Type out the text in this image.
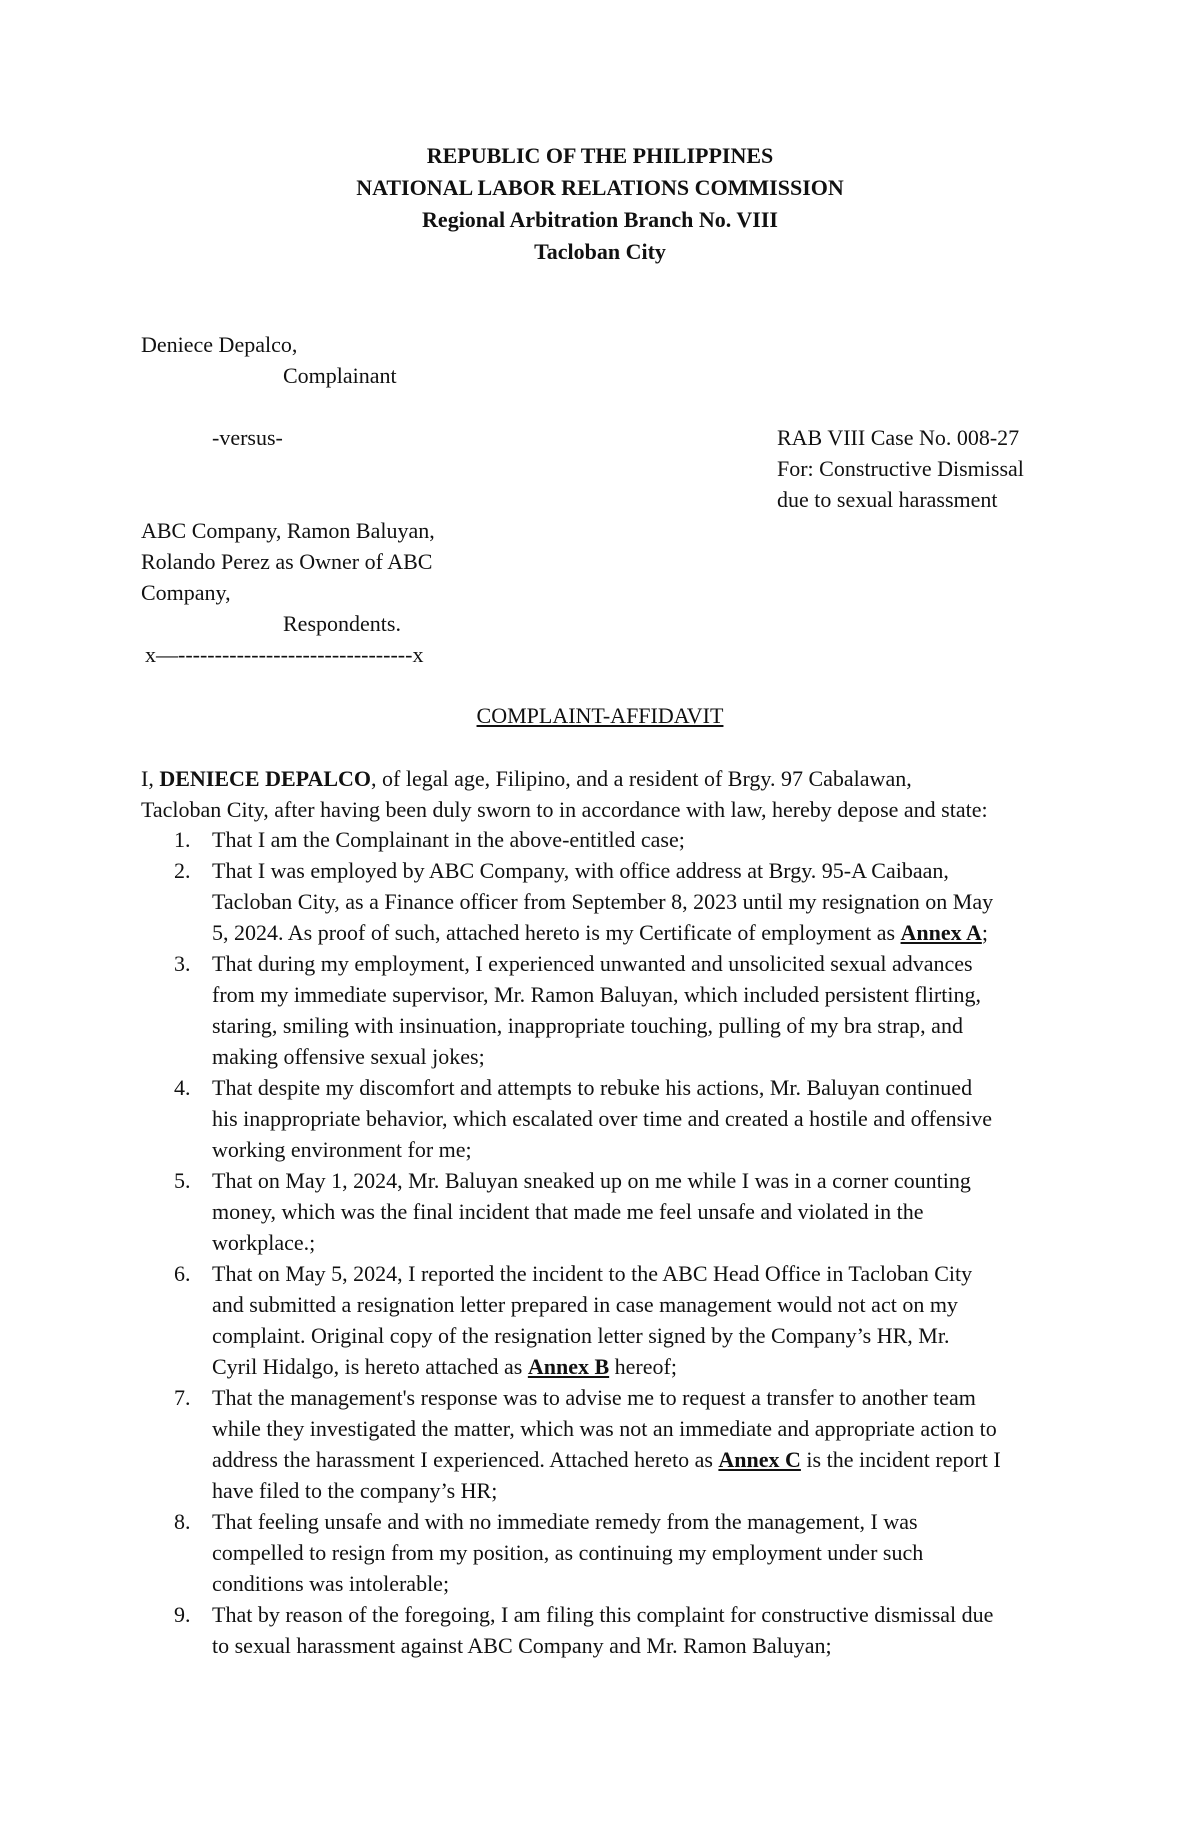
REPUBLIC OF THE PHILIPPINES
NATIONAL LABOR RELATIONS COMMISSION
Regional Arbitration Branch No. VIII
Tacloban City
Deniece Depalco,
Complainant
-versus-
ABC Company, Ramon Baluyan,
Rolando Perez as Owner of ABC
Company,
Respondents.
x—--------------------------------x
RAB VIII Case No. 008-27
For: Constructive Dismissal
due to sexual harassment
COMPLAINT-AFFIDAVIT
I, DENIECE DEPALCO, of legal age, Filipino, and a resident of Brgy. 97 Cabalawan,
Tacloban City, after having been duly sworn to in accordance with law, hereby depose and state:
1. That I am the Complainant in the above-entitled case;
2. That I was employed by ABC Company, with office address at Brgy. 95-A Caibaan,
Tacloban City, as a Finance officer from September 8, 2023 until my resignation on May
5, 2024. As proof of such, attached hereto is my Certificate of employment as Annex A;
3. That during my employment, I experienced unwanted and unsolicited sexual advances
from my immediate supervisor, Mr. Ramon Baluyan, which included persistent flirting,
staring, smiling with insinuation, inappropriate touching, pulling of my bra strap, and
making offensive sexual jokes;
4. That despite my discomfort and attempts to rebuke his actions, Mr. Baluyan continued
his inappropriate behavior, which escalated over time and created a hostile and offensive
working environment for me;
5. That on May 1, 2024, Mr. Baluyan sneaked up on me while I was in a corner counting
money, which was the final incident that made me feel unsafe and violated in the
workplace.;
6. That on May 5, 2024, I reported the incident to the ABC Head Office in Tacloban City
and submitted a resignation letter prepared in case management would not act on my
complaint. Original copy of the resignation letter signed by the Company’s HR, Mr.
Cyril Hidalgo, is hereto attached as Annex B hereof;
7. That the management's response was to advise me to request a transfer to another team
while they investigated the matter, which was not an immediate and appropriate action to
address the harassment I experienced. Attached hereto as Annex C is the incident report I
have filed to the company’s HR;
8. That feeling unsafe and with no immediate remedy from the management, I was
compelled to resign from my position, as continuing my employment under such
conditions was intolerable;
9. That by reason of the foregoing, I am filing this complaint for constructive dismissal due
to sexual harassment against ABC Company and Mr. Ramon Baluyan;
